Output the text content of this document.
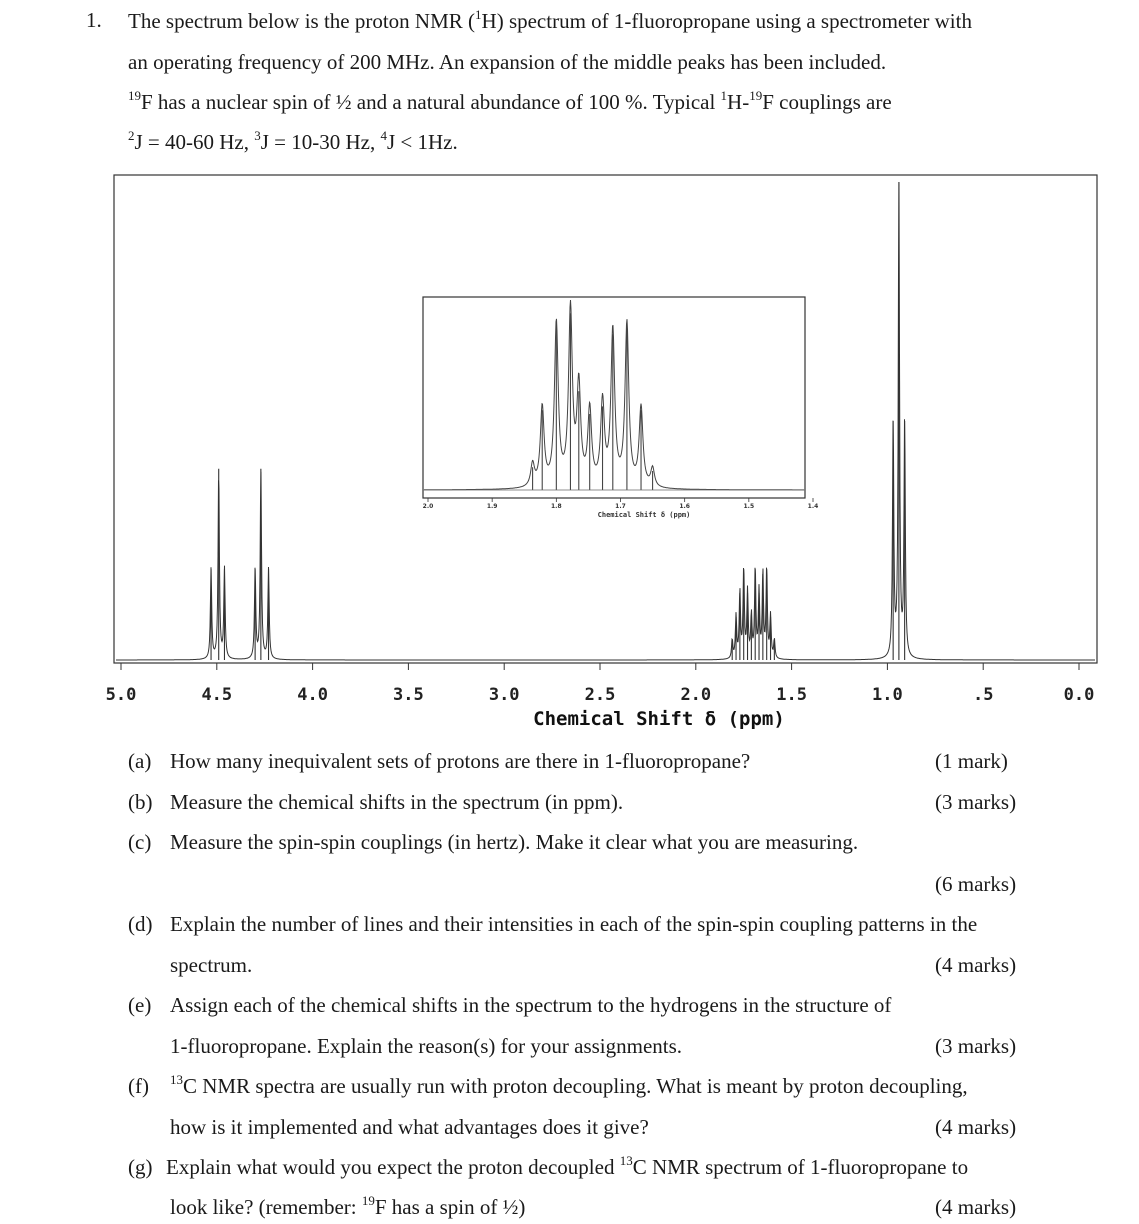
1. The spectrum below is the proton NMR ($^1$H) spectrum of 1-fluoropropane using a spectrometer with
an operating frequency of 200 MHz. An expansion of the middle peaks has been included.
$^{19}$F has a nuclear spin of ½ and a natural abundance of 100 %. Typical $^1$H-$^{19}$F couplings are
$^2$J = 40-60 Hz, $^3$J = 10-30 Hz, $^4$J < 1Hz.
5.0	4.5	4.0	3.5	3.0	2.5	2.0	1.5	1.0	.5	0.0
2.0	1.9	1.8	1.7	1.6	1.5	1.4
Chemical Shift δ (ppm)
Chemical Shift δ (ppm)
(a) How many inequivalent sets of protons are there in 1-fluoropropane?	(1 mark)
(b) Measure the chemical shifts in the spectrum (in ppm).	(3 marks)
(c) Measure the spin-spin couplings (in hertz). Make it clear what you are measuring.
(6 marks)
(d) Explain the number of lines and their intensities in each of the spin-spin coupling patterns in the
spectrum.	(4 marks)
(e) Assign each of the chemical shifts in the spectrum to the hydrogens in the structure of
1-fluoropropane. Explain the reason(s) for your assignments.	(3 marks)
(f) $^{13}$C NMR spectra are usually run with proton decoupling. What is meant by proton decoupling,
how is it implemented and what advantages does it give?	(4 marks)
(g) Explain what would you expect the proton decoupled $^{13}$C NMR spectrum of 1-fluoropropane to
look like? (remember: $^{19}$F has a spin of ½)	(4 marks)
